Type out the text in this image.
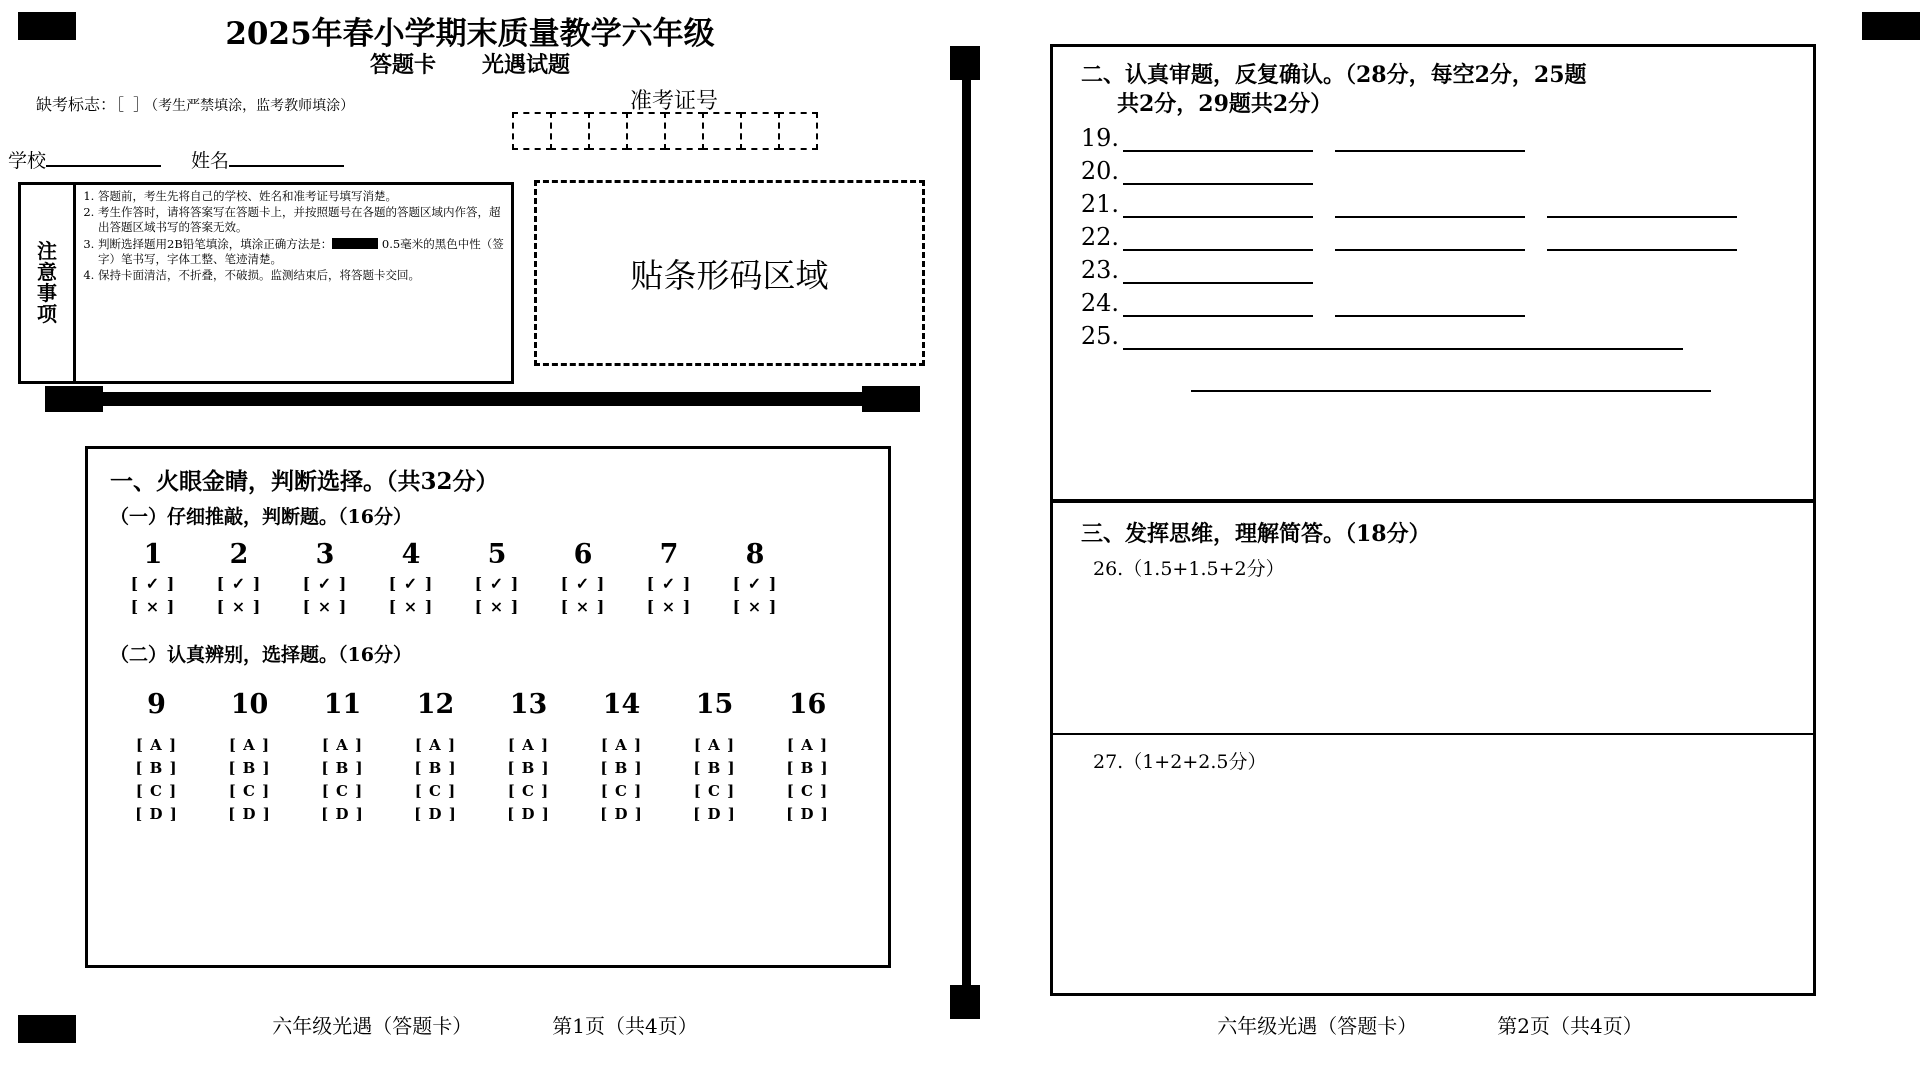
2025年春小学期末质量教学六年级
答题卡 光遇试题
缺考标志：［ ］（考生严禁填涂，监考教师填涂）	准考证号
学校	姓名
注
意
事
项
1. 答题前，考生先将自己的学校、姓名和准考证号填写消楚。
2. 考生作答时，请将答案写在答题卡上，并按照题号在各题的答题区域内作答，超出答题区域书写的答案无效。
3. 判断选择题用2B铅笔填涂，填涂正确方法是：	0.5毫米的黑色中性（签字）笔书写，字体工整、笔迹清楚。
4. 保持卡面清洁，不折叠，不破损。监测结束后，将答题卡交回。	贴条形码区域
一、火眼金睛，判断选择。（共32分）
（一）仔细推敲，判断题。（16分）
1	2	3	4	5	6	7	8
[ ✓ ]	[ ✓ ]	[ ✓ ]	[ ✓ ]	[ ✓ ]	[ ✓ ]	[ ✓ ]	[ ✓ ]
[ × ]	[ × ]	[ × ]	[ × ]	[ × ]	[ × ]	[ × ]	[ × ]
（二）认真辨别，选择题。（16分）
9	10	11	12	13	14	15	16
[ A ]	[ A ]	[ A ]	[ A ]	[ A ]	[ A ]	[ A ]	[ A ]
[ B ]	[ B ]	[ B ]	[ B ]	[ B ]	[ B ]	[ B ]	[ B ]
[ C ]	[ C ]	[ C ]	[ C ]	[ C ]	[ C ]	[ C ]	[ C ]
[ D ]	[ D ]	[ D ]	[ D ]	[ D ]	[ D ]	[ D ]	[ D ]
六年级光遇（答题卡）	第1页（共4页）
二、认真审题，反复确认。（28分，每空2分，25题
共2分，29题共2分）
19.
20.
21.
22.
23.
24.
25.
三、发挥思维，理解简答。（18分）
26.（1.5+1.5+2分）
27.（1+2+2.5分）
六年级光遇（答题卡）	第2页（共4页）
